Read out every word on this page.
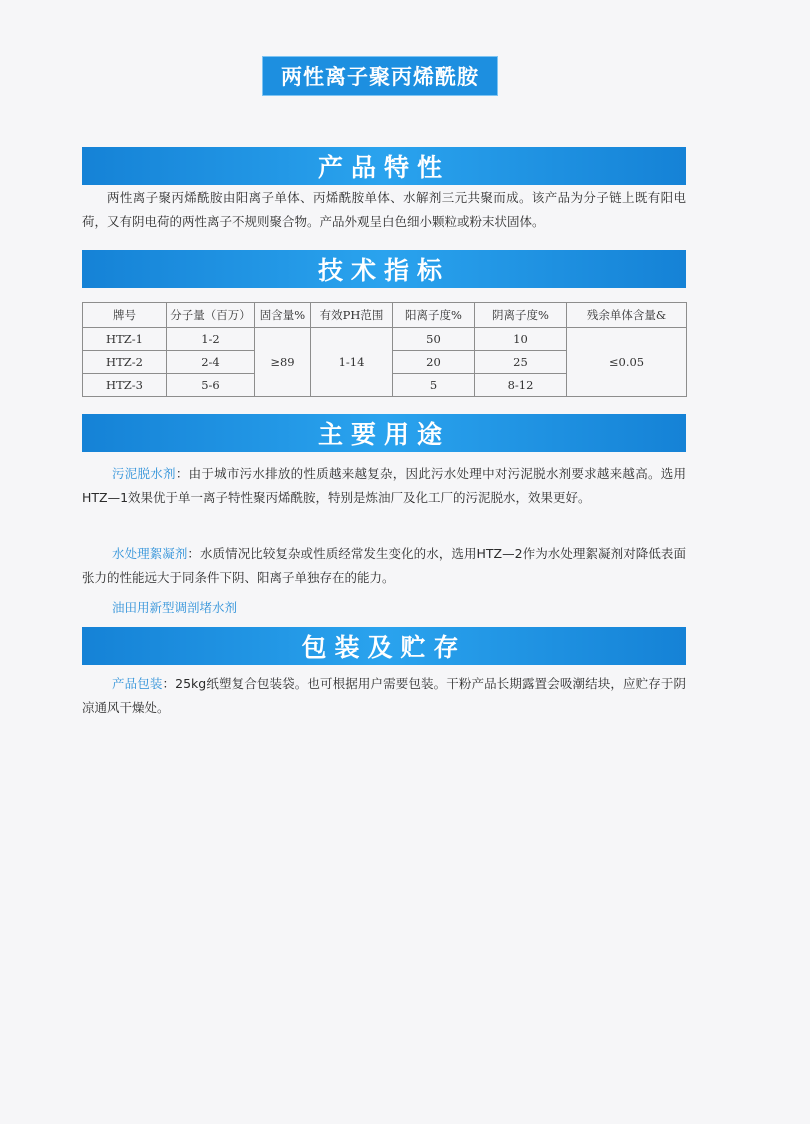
两性离子聚丙烯酰胺
产品特性

两性离子聚丙烯酰胺由阳离子单体、丙烯酰胺单体、水解剂三元共聚而成。该产品为分子链上既有阳电荷，又有阴电荷的两性离子不规则聚合物。产品外观呈白色细小颗粒或粉末状固体。

技术指标
牌号	分子量（百万）	固含量%	有效PH范围	阳离子度%	阴离子度%	残余单体含量&
HTZ-1	1-2	≥89	1-14	50	10	≤0.05
HTZ-2	2-4			20	25	
HTZ-3	5-6			5	8-12	
主要用途

污泥脱水剂：由于城市污水排放的性质越来越复杂，因此污水处理中对污泥脱水剂要求越来越高。选用HTZ—1效果优于单一离子特性聚丙烯酰胺，特别是炼油厂及化工厂的污泥脱水，效果更好。

水处理絮凝剂：水质情况比较复杂或性质经常发生变化的水，选用HTZ—2作为水处理絮凝剂对降低表面张力的性能远大于同条件下阴、阳离子单独存在的能力。

油田用新型调剖堵水剂
包装及贮存

产品包装：25kg纸塑复合包装袋。也可根据用户需要包装。干粉产品长期露置会吸潮结块，应贮存于阴凉通风干燥处。
